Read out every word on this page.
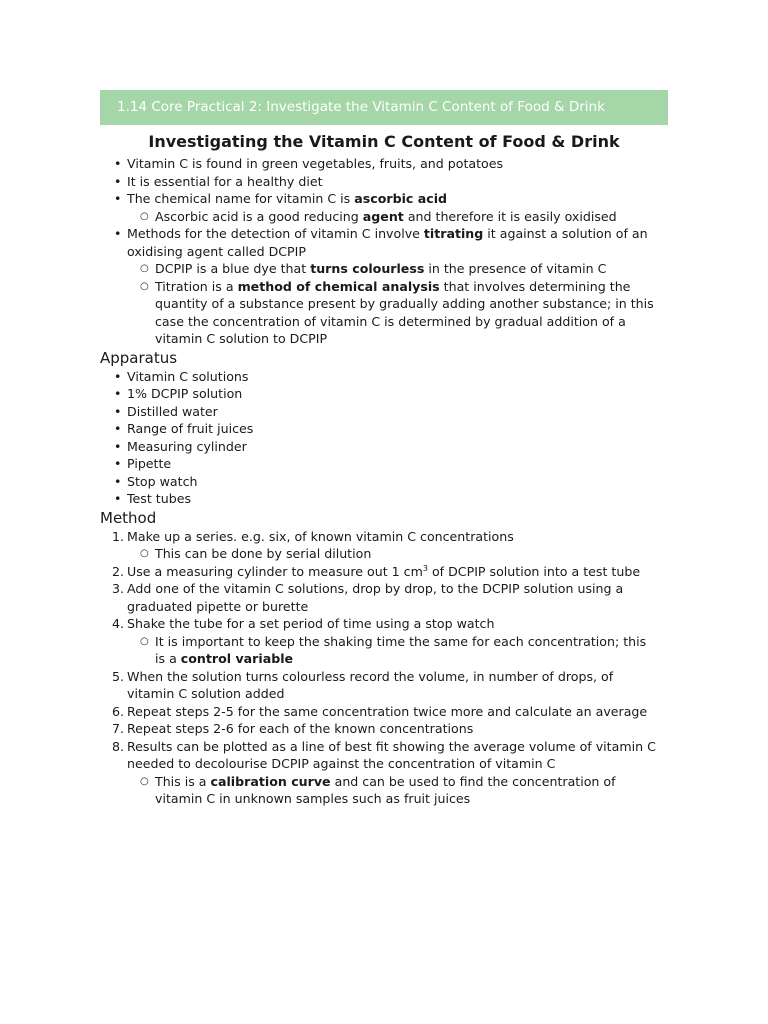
1.14 Core Practical 2: Investigate the Vitamin C Content of Food & Drink
Investigating the Vitamin C Content of Food & Drink
•
Vitamin C is found in green vegetables, fruits, and potatoes
•
It is essential for a healthy diet
•
The chemical name for vitamin C is ascorbic acid
○
Ascorbic acid is a good reducing agent and therefore it is easily oxidised
•
Methods for the detection of vitamin C involve titrating it against a solution of an
oxidising agent called DCPIP
○
DCPIP is a blue dye that turns colourless in the presence of vitamin C
○
Titration is a method of chemical analysis that involves determining the
quantity of a substance present by gradually adding another substance; in this
case the concentration of vitamin C is determined by gradual addition of a
vitamin C solution to DCPIP
Apparatus
•
Vitamin C solutions
•
1% DCPIP solution
•
Distilled water
•
Range of fruit juices
•
Measuring cylinder
•
Pipette
•
Stop watch
•
Test tubes
Method
1. Make up a series. e.g. six, of known vitamin C concentrations
○
This can be done by serial dilution
2. Use a measuring cylinder to measure out 1 $cm^3$ of DCPIP solution into a test tube
3. Add one of the vitamin C solutions, drop by drop, to the DCPIP solution using a
graduated pipette or burette
4. Shake the tube for a set period of time using a stop watch
○
It is important to keep the shaking time the same for each concentration; this
is a control variable
5. When the solution turns colourless record the volume, in number of drops, of
vitamin C solution added
6. Repeat steps 2-5 for the same concentration twice more and calculate an average
7. Repeat steps 2-6 for each of the known concentrations
8. Results can be plotted as a line of best fit showing the average volume of vitamin C
needed to decolourise DCPIP against the concentration of vitamin C
○
This is a calibration curve and can be used to find the concentration of
vitamin C in unknown samples such as fruit juices
